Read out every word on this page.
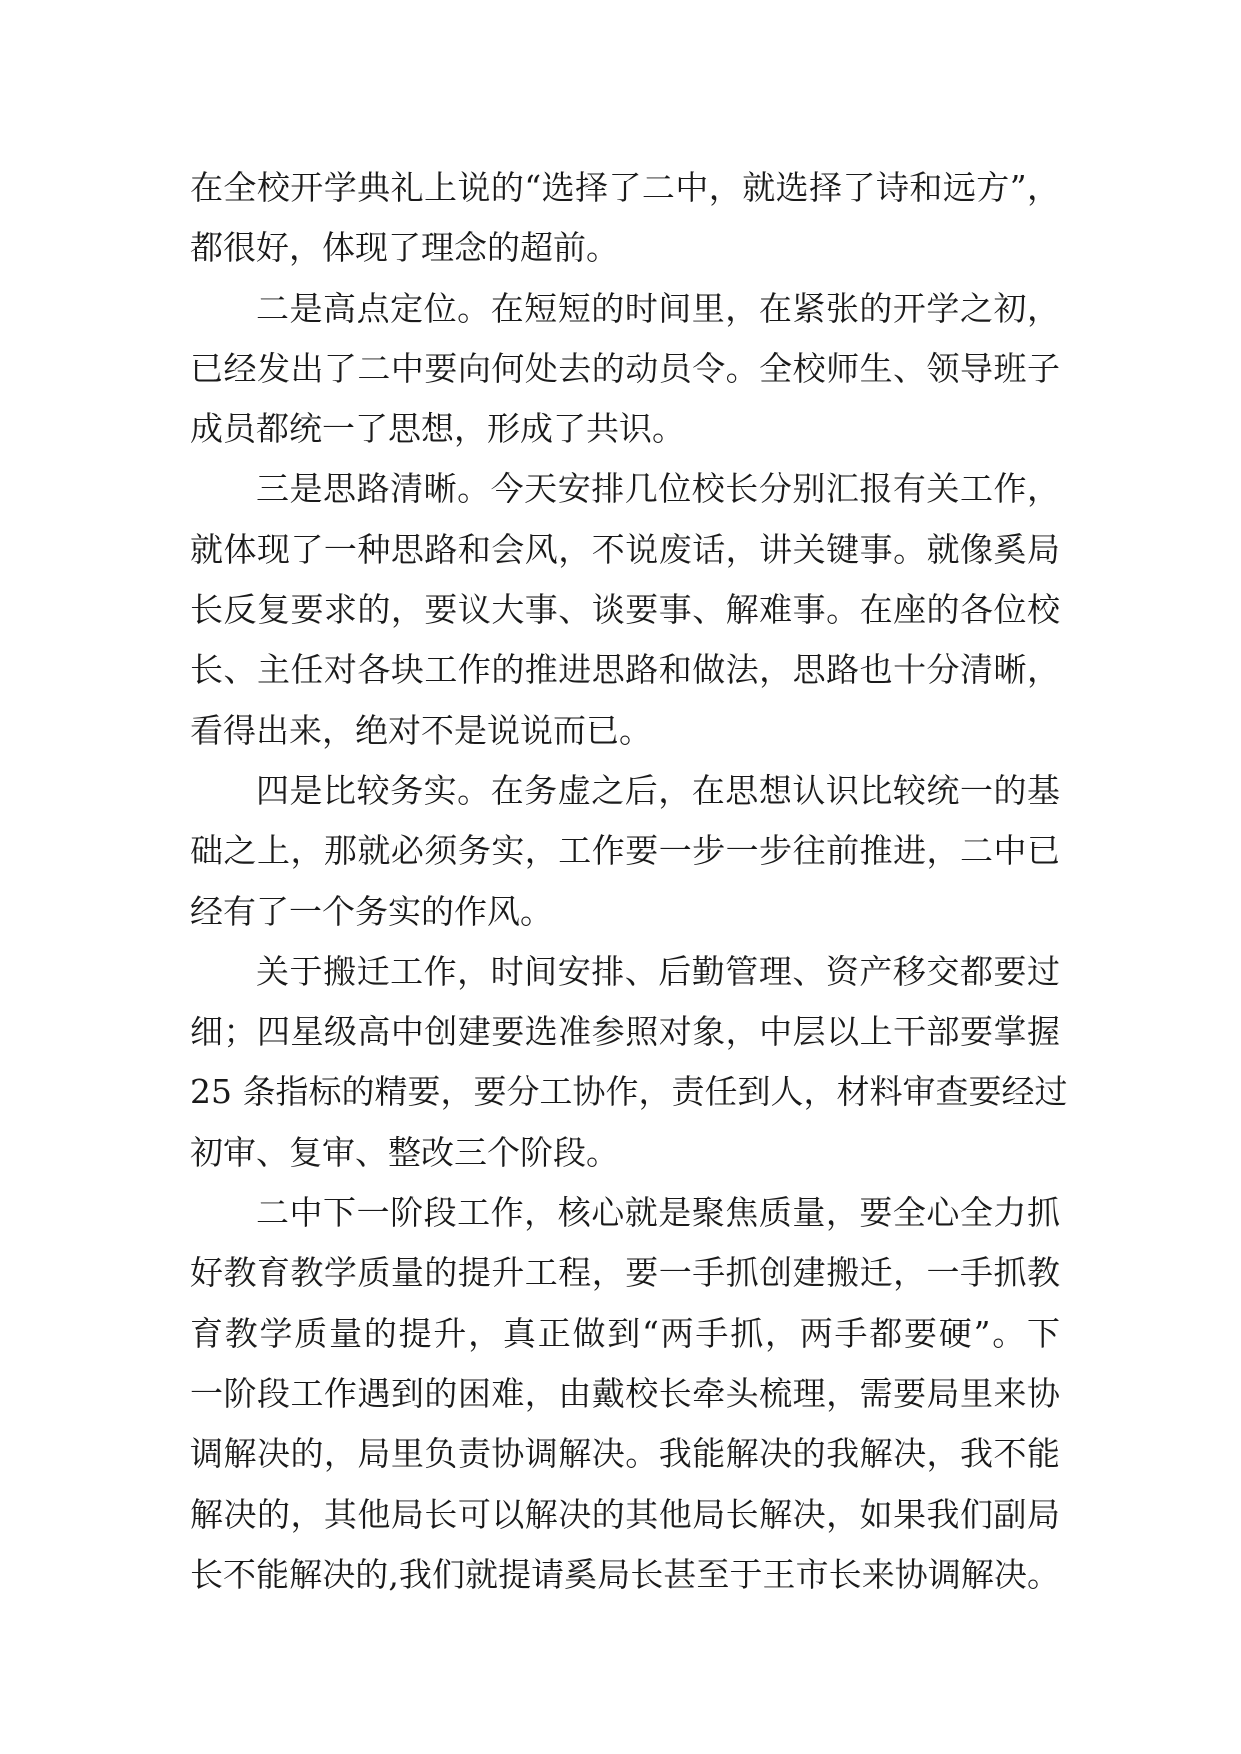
在全校开学典礼上说的“选择了二中，就选择了诗和远方”，
都很好，体现了理念的超前。
二是高点定位。在短短的时间里，在紧张的开学之初，
已经发出了二中要向何处去的动员令。全校师生、领导班子
成员都统一了思想，形成了共识。
三是思路清晰。今天安排几位校长分别汇报有关工作，
就体现了一种思路和会风，不说废话，讲关键事。就像奚局
长反复要求的，要议大事、谈要事、解难事。在座的各位校
长、主任对各块工作的推进思路和做法，思路也十分清晰，
看得出来，绝对不是说说而已。
四是比较务实。在务虚之后，在思想认识比较统一的基
础之上，那就必须务实，工作要一步一步往前推进，二中已
经有了一个务实的作风。
关于搬迁工作，时间安排、后勤管理、资产移交都要过
细；四星级高中创建要选准参照对象，中层以上干部要掌握
25 条指标的精要，要分工协作，责任到人，材料审查要经过
初审、复审、整改三个阶段。
二中下一阶段工作，核心就是聚焦质量，要全心全力抓
好教育教学质量的提升工程，要一手抓创建搬迁，一手抓教
育教学质量的提升，真正做到“两手抓，两手都要硬”。下
一阶段工作遇到的困难，由戴校长牵头梳理，需要局里来协
调解决的，局里负责协调解决。我能解决的我解决，我不能
解决的，其他局长可以解决的其他局长解决，如果我们副局
长不能解决的,我们就提请奚局长甚至于王市长来协调解决。
